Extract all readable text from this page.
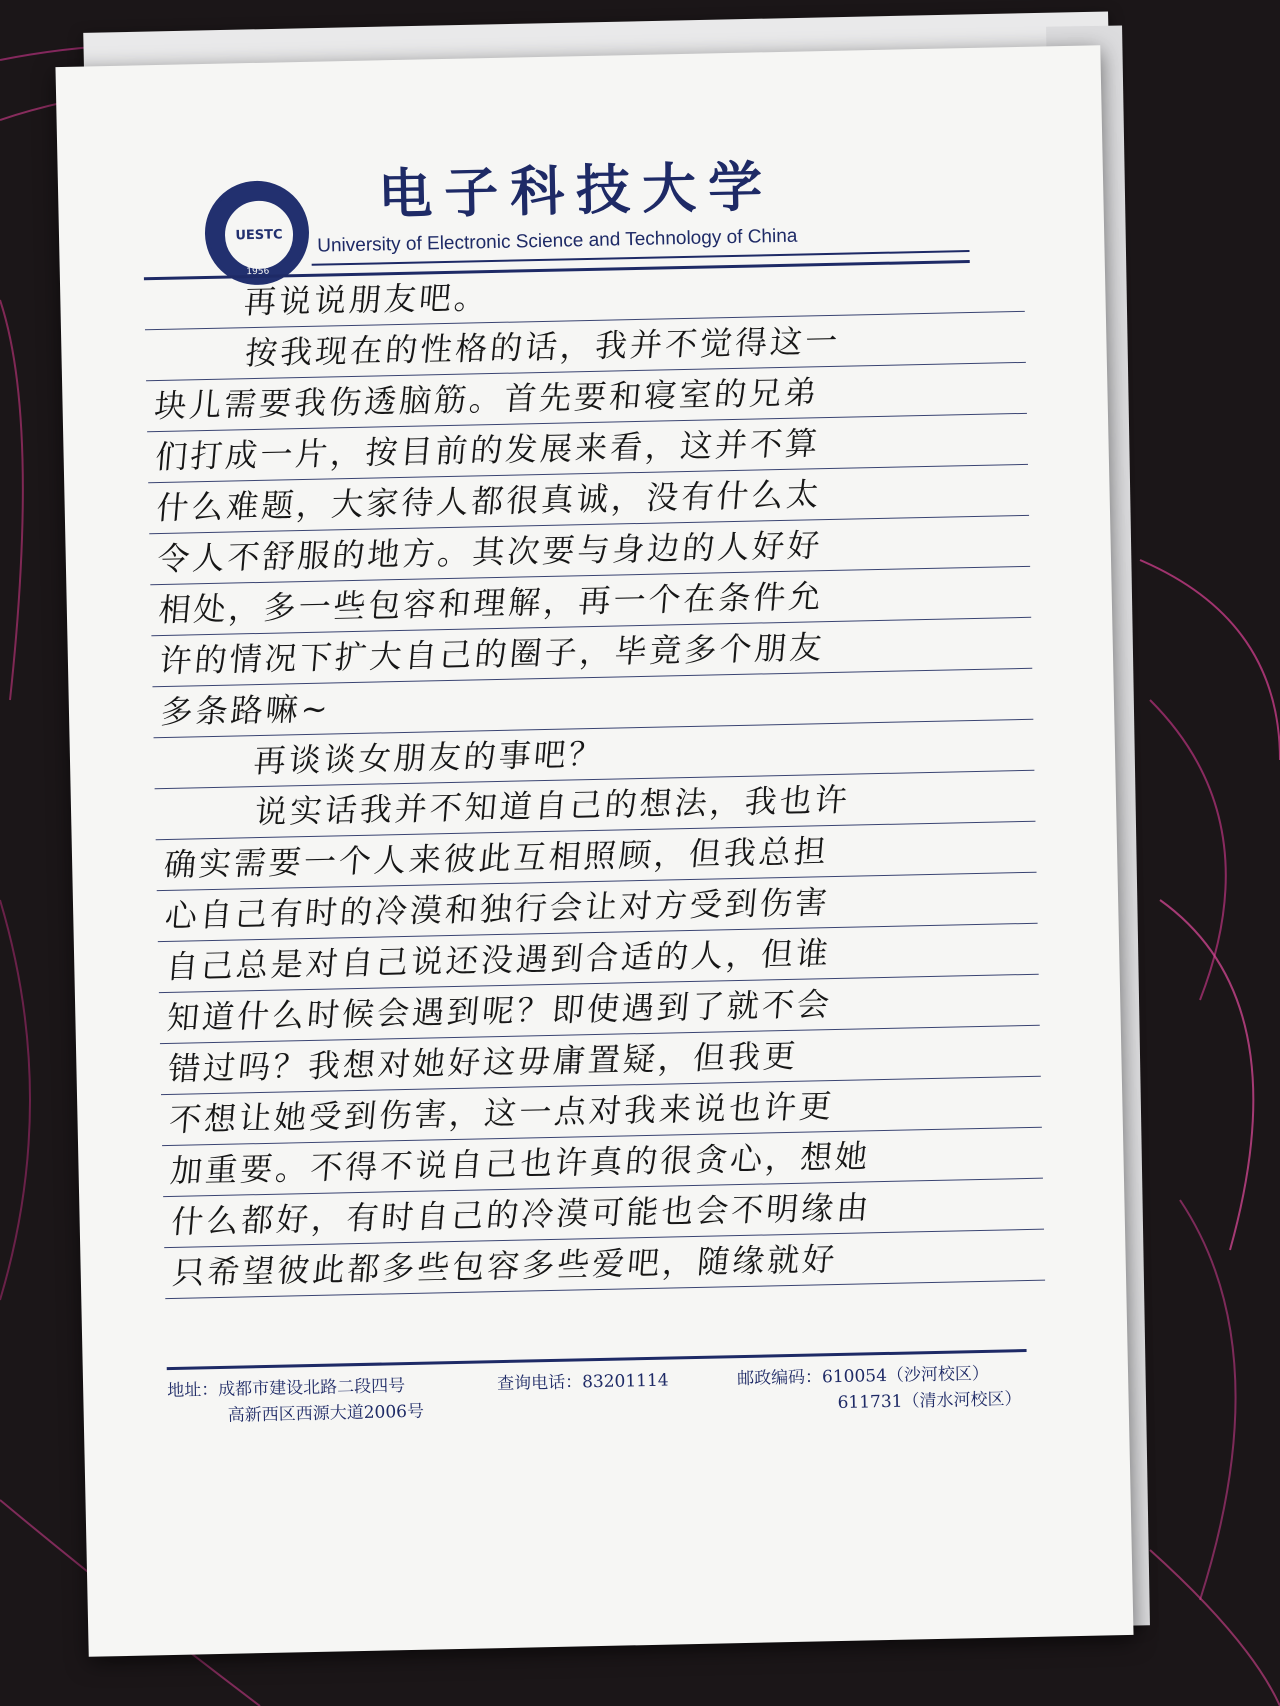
UESTC
1956
电子科技大学
University of Electronic Science and Technology of China
再说说朋友吧。
按我现在的性格的话，我并不觉得这一
块儿需要我伤透脑筋。首先要和寝室的兄弟
们打成一片，按目前的发展来看，这并不算
什么难题，大家待人都很真诚，没有什么太
令人不舒服的地方。其次要与身边的人好好
相处，多一些包容和理解，再一个在条件允
许的情况下扩大自己的圈子，毕竟多个朋友
多条路嘛~
再谈谈女朋友的事吧？
说实话我并不知道自己的想法，我也许
确实需要一个人来彼此互相照顾，但我总担
心自己有时的冷漠和独行会让对方受到伤害
自己总是对自己说还没遇到合适的人，但谁
知道什么时候会遇到呢？即使遇到了就不会
错过吗？我想对她好这毋庸置疑，但我更
不想让她受到伤害，这一点对我来说也许更
加重要。不得不说自己也许真的很贪心，想她
什么都好，有时自己的冷漠可能也会不明缘由
只希望彼此都多些包容多些爱吧，随缘就好
地址：成都市建设北路二段四号
高新西区西源大道2006号
查询电话：83201114	邮政编码：610054（沙河校区）
611731（清水河校区）
